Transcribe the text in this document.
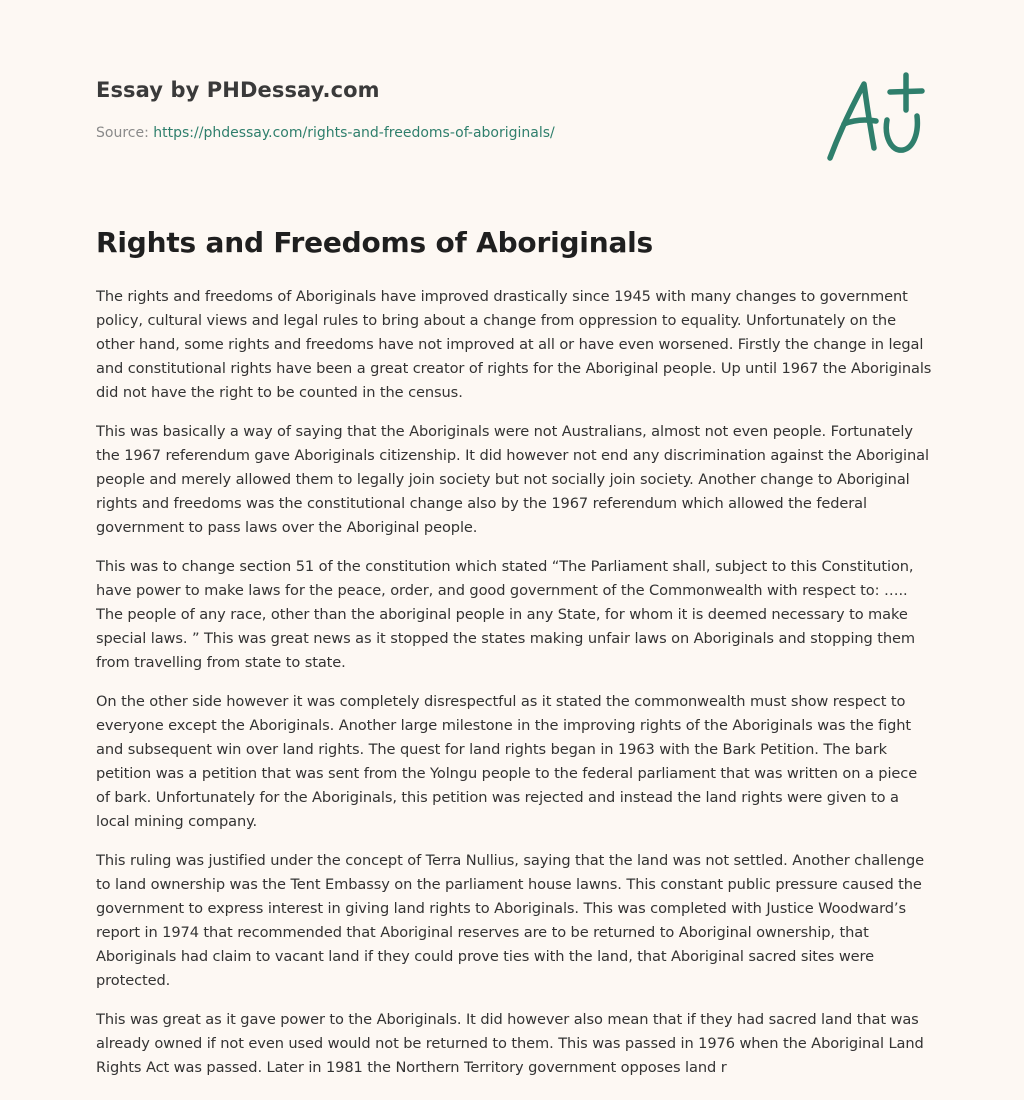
Essay by PHDessay.com
Source: https://phdessay.com/rights-and-freedoms-of-aboriginals/
Rights and Freedoms of Aboriginals

The rights and freedoms of Aboriginals have improved drastically since 1945 with many changes to government policy, cultural views and legal rules to bring about a change from oppression to equality. Unfortunately on the other hand, some rights and freedoms have not improved at all or have even worsened. Firstly the change in legal and constitutional rights have been a great creator of rights for the Aboriginal people. Up until 1967 the Aboriginals did not have the right to be counted in the census.

This was basically a way of saying that the Aboriginals were not Australians, almost not even people. Fortunately the 1967 referendum gave Aboriginals citizenship. It did however not end any discrimination against the Aboriginal people and merely allowed them to legally join society but not socially join society. Another change to Aboriginal rights and freedoms was the constitutional change also by the 1967 referendum which allowed the federal government to pass laws over the Aboriginal people.

This was to change section 51 of the constitution which stated “The Parliament shall, subject to this Constitution, have power to make laws for the peace, order, and good government of the Commonwealth with respect to: ….. The people of any race, other than the aboriginal people in any State, for whom it is deemed necessary to make special laws. ” This was great news as it stopped the states making unfair laws on Aboriginals and stopping them from travelling from state to state.

On the other side however it was completely disrespectful as it stated the commonwealth must show respect to everyone except the Aboriginals. Another large milestone in the improving rights of the Aboriginals was the fight and subsequent win over land rights. The quest for land rights began in 1963 with the Bark Petition. The bark petition was a petition that was sent from the Yolngu people to the federal parliament that was written on a piece of bark. Unfortunately for the Aboriginals, this petition was rejected and instead the land rights were given to a local mining company.

This ruling was justified under the concept of Terra Nullius, saying that the land was not settled. Another challenge to land ownership was the Tent Embassy on the parliament house lawns. This constant public pressure caused the government to express interest in giving land rights to Aboriginals. This was completed with Justice Woodward’s report in 1974 that recommended that Aboriginal reserves are to be returned to Aboriginal ownership, that Aboriginals had claim to vacant land if they could prove ties with the land, that Aboriginal sacred sites were protected.

This was great as it gave power to the Aboriginals. It did however also mean that if they had sacred land that was already owned if not even used would not be returned to them. This was passed in 1976 when the Aboriginal Land Rights Act was passed. Later in 1981 the Northern Territory government opposes land r
